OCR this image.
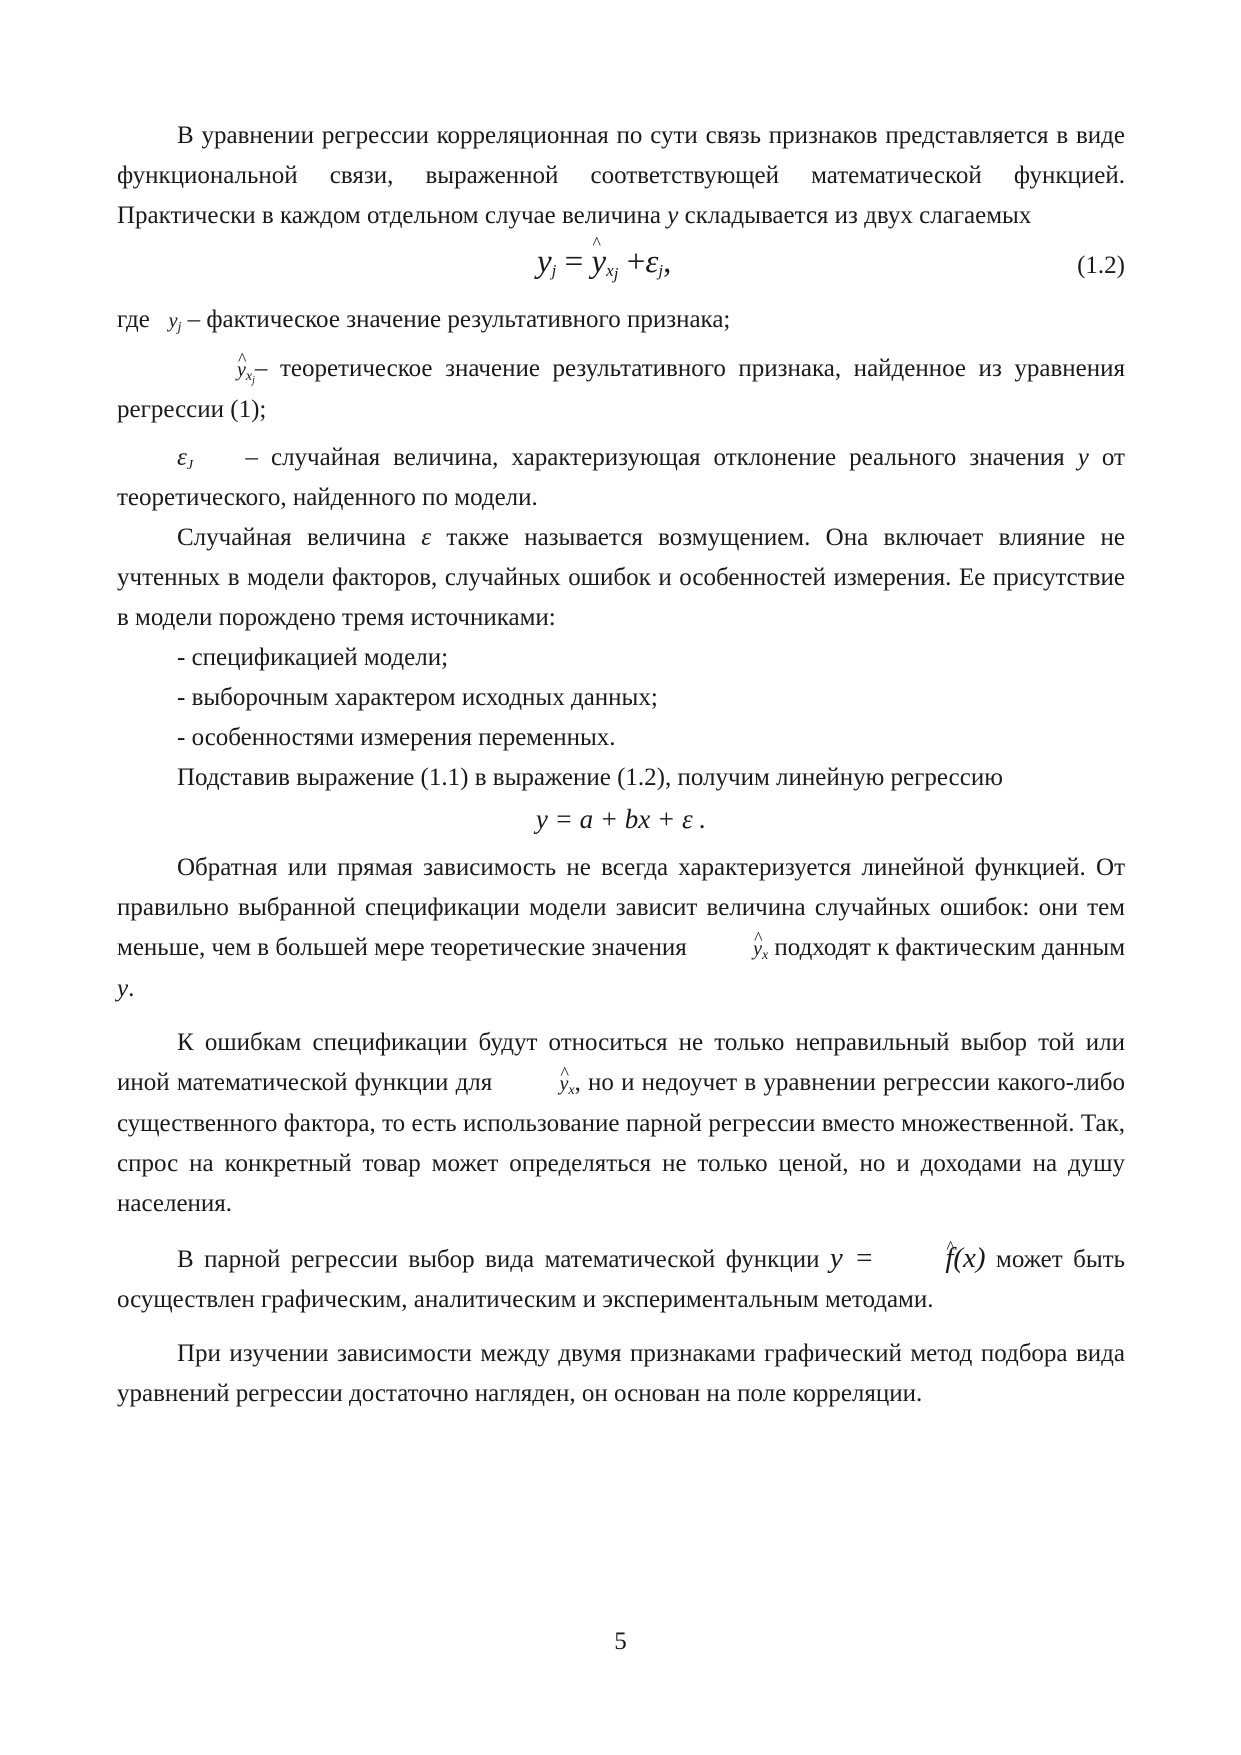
В уравнении регрессии корреляционная по сути связь признаков представляется в виде функциональной связи, выраженной соответствующей математической функцией. Практически в каждом отдельном случае величина y складывается из двух слагаемых

$y_j$ = ^ $y_{x_j} +\varepsilon_j$,	(1.2)

где $y_j$ – фактическое значение результативного признака;

^ $y_{x_j}-$ теоретическое значение результативного признака, найденное из уравнения регрессии (1);

$\varepsilon_J$ – случайная величина, характеризующая отклонение реального значения y от теоретического, найденного по модели.

Случайная величина ε также называется возмущением. Она включает влияние не учтенных в модели факторов, случайных ошибок и особенностей измерения. Ее присутствие в модели порождено тремя источниками:

- спецификацией модели;

- выборочным характером исходных данных;

- особенностями измерения переменных.

Подставив выражение (1.1) в выражение (1.2), получим линейную регрессию

y = a + bx + ε .

Обратная или прямая зависимость не всегда характеризуется линейной функцией. От правильно выбранной спецификации модели зависит величина случайных ошибок: они тем меньше, чем в большей мере теоретические значения	^ $y_x$ подходят к фактическим данным y.

К ошибкам спецификации будут относиться не только неправильный выбор той или иной математической функции для	^ $y_x$, но и недоучет в уравнении регрессии какого-либо существенного фактора, то есть использование парной регрессии вместо множественной. Так, спрос на конкретный товар может определяться не только ценой, но и доходами на душу населения.

В парной регрессии выбор вида математической функции y = ^ f(x) может быть осуществлен графическим, аналитическим и экспериментальным методами.

При изучении зависимости между двумя признаками графический метод подбора вида уравнений регрессии достаточно нагляден, он основан на поле корреляции.

5
